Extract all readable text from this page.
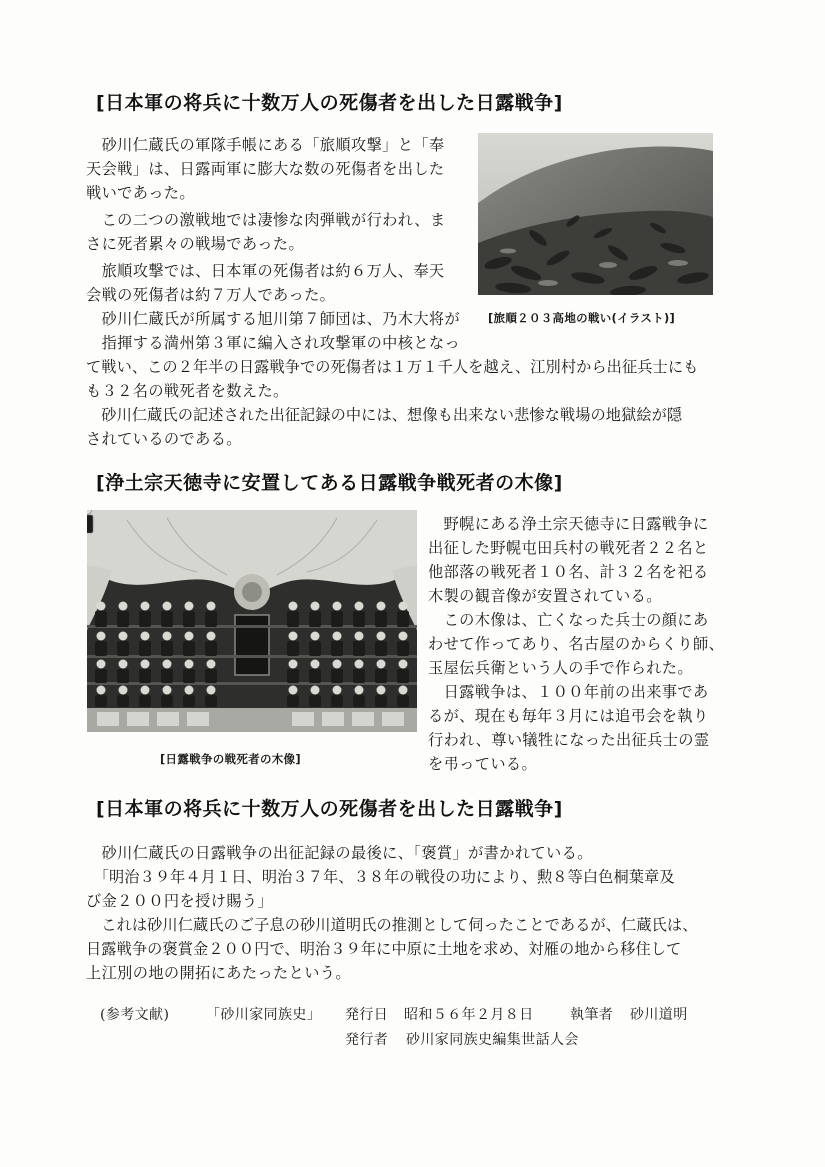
[日本軍の将兵に十数万人の死傷者を出した日露戦争]
　砂川仁蔵氏の軍隊手帳にある「旅順攻撃」と「奉
天会戦」は、日露両軍に膨大な数の死傷者を出した
戦いであった。
　この二つの激戦地では凄惨な肉弾戦が行われ、ま
さに死者累々の戦場であった。
　旅順攻撃では、日本軍の死傷者は約６万人、奉天
会戦の死傷者は約７万人であった。
　砂川仁蔵氏が所属する旭川第７師団は、乃木大将が
　指揮する満州第３軍に編入され攻撃軍の中核となっ
て戦い、この２年半の日露戦争での死傷者は１万１千人を越え、江別村から出征兵士にも
も３２名の戦死者を数えた。
　砂川仁蔵氏の記述された出征記録の中には、想像も出来ない悲惨な戦場の地獄絵が隠
されているのである。
[旅順２０３高地の戦い(イラスト)]
[浄土宗天徳寺に安置してある日露戦争戦死者の木像]
[日露戦争の戦死者の木像]
　野幌にある浄土宗天徳寺に日露戦争に
出征した野幌屯田兵村の戦死者２２名と
他部落の戦死者１０名、計３２名を祀る
木製の観音像が安置されている。
　この木像は、亡くなった兵士の顔にあ
わせて作ってあり、名古屋のからくり師、
玉屋伝兵衛という人の手で作られた。
　日露戦争は、１００年前の出来事であ
るが、現在も毎年３月には追弔会を執り
行われ、尊い犠牲になった出征兵士の霊
を弔っている。
[日本軍の将兵に十数万人の死傷者を出した日露戦争]
　砂川仁蔵氏の日露戦争の出征記録の最後に、「褒賞」が書かれている。
　「明治３９年４月１日、明治３７年、３８年の戦役の功により、勲８等白色桐葉章及
び金２００円を授け賜う」
　これは砂川仁蔵氏のご子息の砂川道明氏の推測として伺ったことであるが、仁蔵氏は、
日露戦争の褒賞金２００円で、明治３９年に中原に土地を求め、対雁の地から移住して
上江別の地の開拓にあたったという。
(参考文献)	「砂川家同族史」 発行日 昭和５６年２月８日	執筆者 砂川道明
発行者 砂川家同族史編集世話人会
